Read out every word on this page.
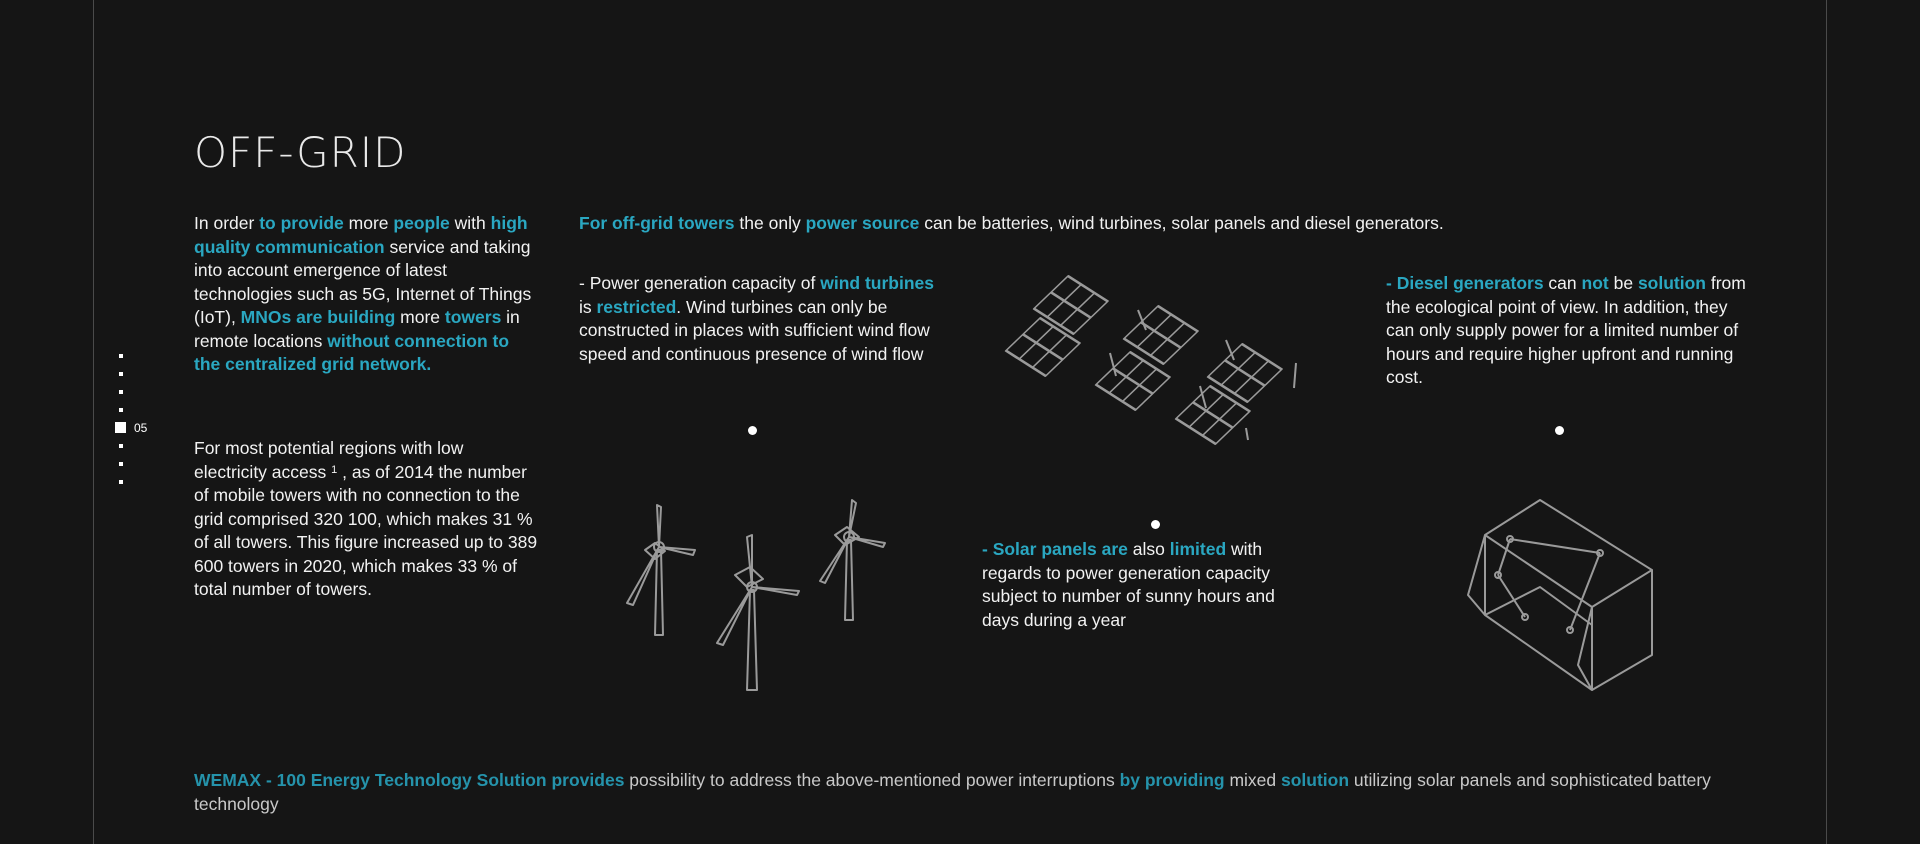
OFF-GRID

In order to provide more people with high quality communication service and taking into account emergence of latest technologies such as 5G, Internet of Things (IoT), MNOs are building more towers in remote locations without connection to the centralized grid network.

For most potential regions with low electricity access $^1$ , as of 2014 the number of mobile towers with no connection to the grid comprised 320 100, which makes 31 % of all towers. This figure increased up to 389 600 towers in 2020, which makes 33 % of total number of towers.

For off-grid towers the only power source can be batteries, wind turbines, solar panels and diesel generators.

- Power generation capacity of wind turbines is restricted. Wind turbines can only be constructed in places with sufficient wind flow speed and continuous presence of wind flow

- Diesel generators can not be solution from the ecological point of view. In addition, they can only supply power for a limited number of hours and require higher upfront and running cost.

- Solar panels are also limited with regards to power generation capacity subject to number of sunny hours and days during a year

05
WEMAX - 100 Energy Technology Solution provides possibility to address the above-mentioned power interruptions by providing mixed solution utilizing solar panels and sophisticated battery technology
